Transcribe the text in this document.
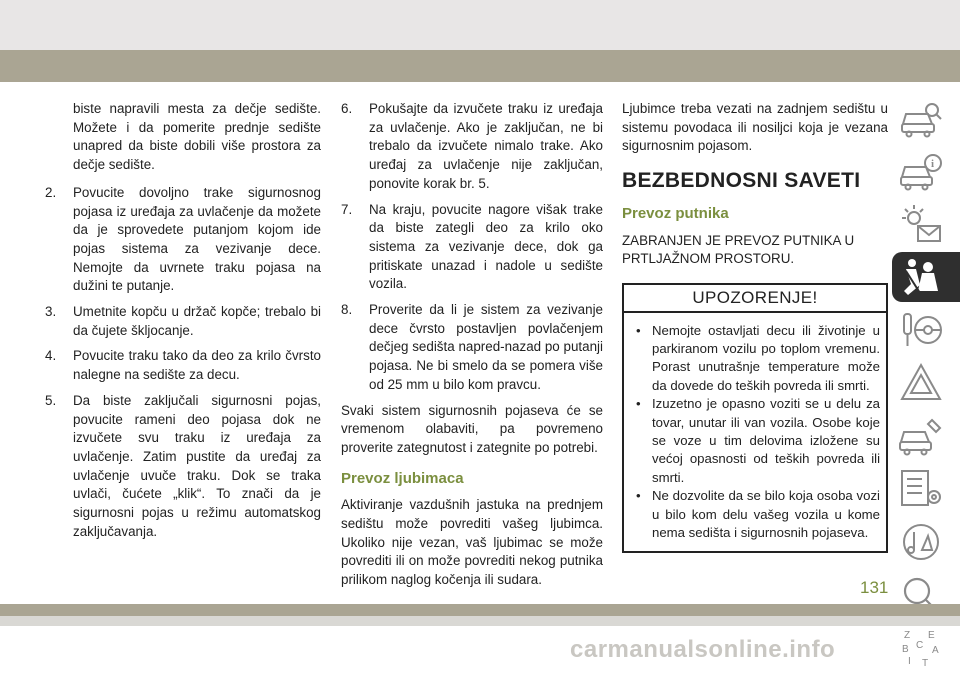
biste napravili mesta za dečje sedište. Možete i da pomerite prednje sedište unapred da biste dobili više prostora za dečje sedište.

2. Povucite dovoljno trake sigurnosnog pojasa iz uređaja za uvlačenje da možete da je sprovedete putanjom kojom ide pojas sistema za vezivanje dece. Nemojte da uvrnete traku pojasa na dužini te putanje.
3. Umetnite kopču u držač kopče; trebalo bi da čujete škljocanje.
4. Povucite traku tako da deo za krilo čvrsto nalegne na sedište za decu.
5. Da biste zaključali sigurnosni pojas, povucite rameni deo pojasa dok ne izvučete svu traku iz uređaja za uvlačenje. Zatim pustite da uređaj za uvlačenje uvuče traku. Dok se traka uvlači, čućete „klik“. To znači da je sigurnosni pojas u režimu automatskog zaključavanja.
6. Pokušajte da izvučete traku iz uređaja za uvlačenje. Ako je zaključan, ne bi trebalo da izvučete nimalo trake. Ako uređaj za uvlačenje nije zaključan, ponovite korak br. 5.
7. Na kraju, povucite nagore višak trake da biste zategli deo za krilo oko sistema za vezivanje dece, dok ga pritiskate unazad i nadole u sedište vozila.
8. Proverite da li je sistem za vezivanje dece čvrsto postavljen povlačenjem dečjeg sedišta napred-nazad po putanji pojasa. Ne bi smelo da se pomera više od 25 mm u bilo kom pravcu.

Svaki sistem sigurnosnih pojaseva će se vremenom olabaviti, pa povremeno proverite zategnutost i zategnite po potrebi.

Prevoz ljubimaca

Aktiviranje vazdušnih jastuka na prednjem sedištu može povrediti vašeg ljubimca. Ukoliko nije vezan, vaš ljubimac se može povrediti ili on može povrediti nekog putnika prilikom naglog kočenja ili sudara.

Ljubimce treba vezati na zadnjem sedištu u sistemu povodaca ili nosiljci koja je vezana sigurnosnim pojasom.

BEZBEDNOSNI SAVETI
Prevoz putnika

ZABRANJEN JE PREVOZ PUTNIKA U PRTLJAŽNOM PROSTORU.

UPOZORENJE!
• Nemojte ostavljati decu ili životinje u parkiranom vozilu po toplom vremenu. Porast unutrašnje temperature može da dovede do teških povreda ili smrti.
• Izuzetno je opasno voziti se u delu za tovar, unutar ili van vozila. Osobe koje se voze u tim delovima izložene su većoj opasnosti od teških povreda ili smrti.
• Ne dozvolite da se bilo koja osoba vozi u bilo kom delu vašeg vozila u kome nema sedišta i sigurnosnih pojaseva.
i
Z E
B A
C
I T
131
carmanualsonline.info
